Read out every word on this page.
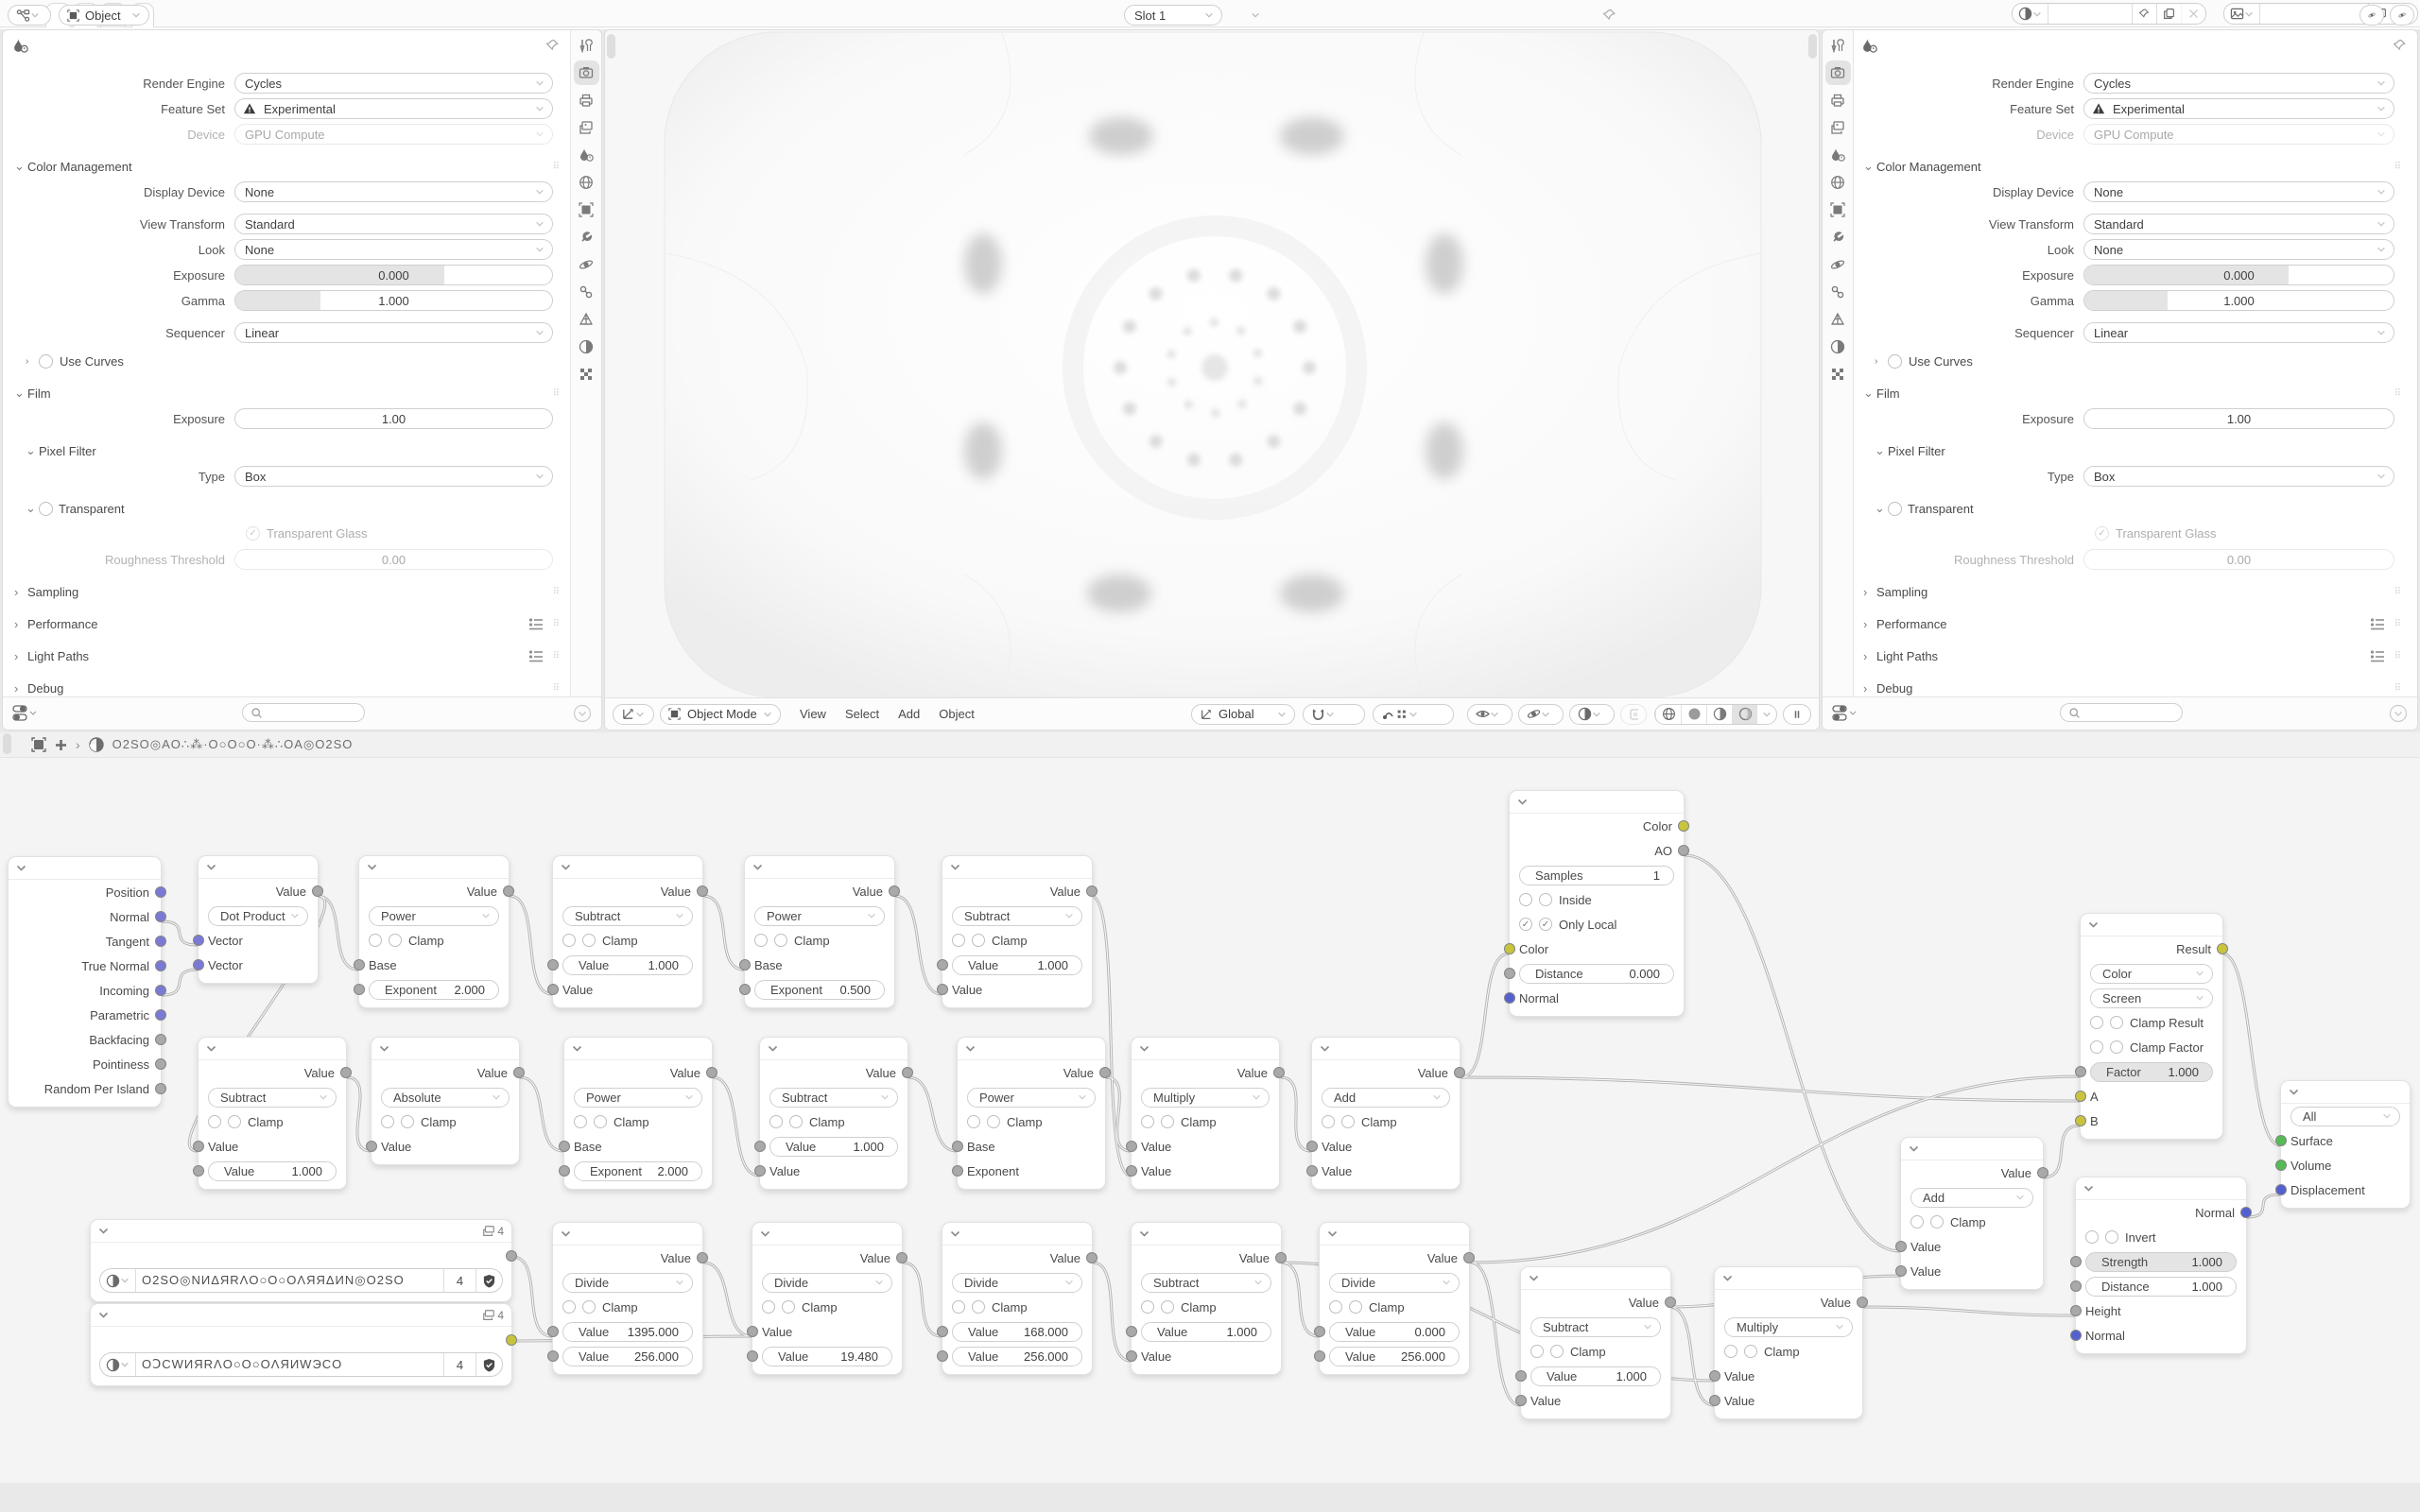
Render Engine	Cycles
Feature Set	Experimental
Device	GPU Compute
⌄ Color Management	⠿
Display Device	None
View Transform	Standard
Look	None
Exposure	0.000
Gamma	1.000
Sequencer	Linear
›	Use Curves
⌄ Film	⠿
Exposure	1.00
⌄ Pixel Filter
Type	Box
⌄ Transparent
✓
Transparent Glass
Roughness Threshold	0.00
› Sampling	⠿
› Performance	⠿
› Light Paths	⠿
› Debug	⠿
Object Mode	View	Select	Add	Object	Global
Render Engine	Cycles
Feature Set	Experimental
Device	GPU Compute
⌄ Color Management	⠿
Display Device	None
View Transform	Standard
Look	None
Exposure	0.000
Gamma	1.000
Sequencer	Linear
›	Use Curves
⌄ Film	⠿
Exposure	1.00
⌄ Pixel Filter
Type	Box
⌄ Transparent
✓
Transparent Glass
Roughness Threshold	0.00
› Sampling	⠿
› Performance	⠿
› Light Paths	⠿
› Debug	⠿
Position
Normal
Tangent
True Normal
Incoming
Parametric
Backfacing
Pointiness
Random Per Island
Value
Dot Product
Vector
Vector
Value
Power
Clamp
Base
Exponent	2.000
Value
Subtract
Clamp
Value	1.000
Value
Value
Power
Clamp
Base
Exponent	0.500
Value
Subtract
Clamp
Value	1.000
Value
Value
Subtract
Clamp
Value
Value	1.000
Value
Absolute
Clamp
Value
Value
Power
Clamp
Base
Exponent	2.000
Value
Subtract
Clamp
Value	1.000
Value
Value
Power
Clamp
Base
Exponent
Value
Multiply
Clamp
Value
Value
Value
Add
Clamp
Value
Value
Color
AO
Samples	1
Inside
✓
✓
Only Local
Color
Distance	0.000
Normal
Result
Color
Screen
Clamp Result
Clamp Factor
Factor	1.000
A
B	All
Surface
Volume
Displacement
Value
Add
Clamp
Value
Value
Normal
Invert
Strength	1.000
Distance	1.000
Height
Normal
4
O2SO◎NИΔЯRΛO○O○OΛЯЯΔИN◎O2SO	4
4
OↃCWИЯRΛO○O○OΛЯИWЭCO	4
Value
Divide
Clamp
Value	1395.000
Value	256.000
Value
Divide
Clamp
Value
Value	19.480
Value
Divide
Clamp
Value	168.000
Value	256.000
Value
Subtract
Clamp
Value	1.000
Value
Value
Divide
Clamp
Value	0.000
Value	256.000
Value
Subtract
Clamp
Value	1.000
Value
Value
Multiply
Clamp
Value
Value
›	O2SO◎AO∴⁂·O○O○O·⁂∴OA◎O2SO
Object ✓	Slot 1
